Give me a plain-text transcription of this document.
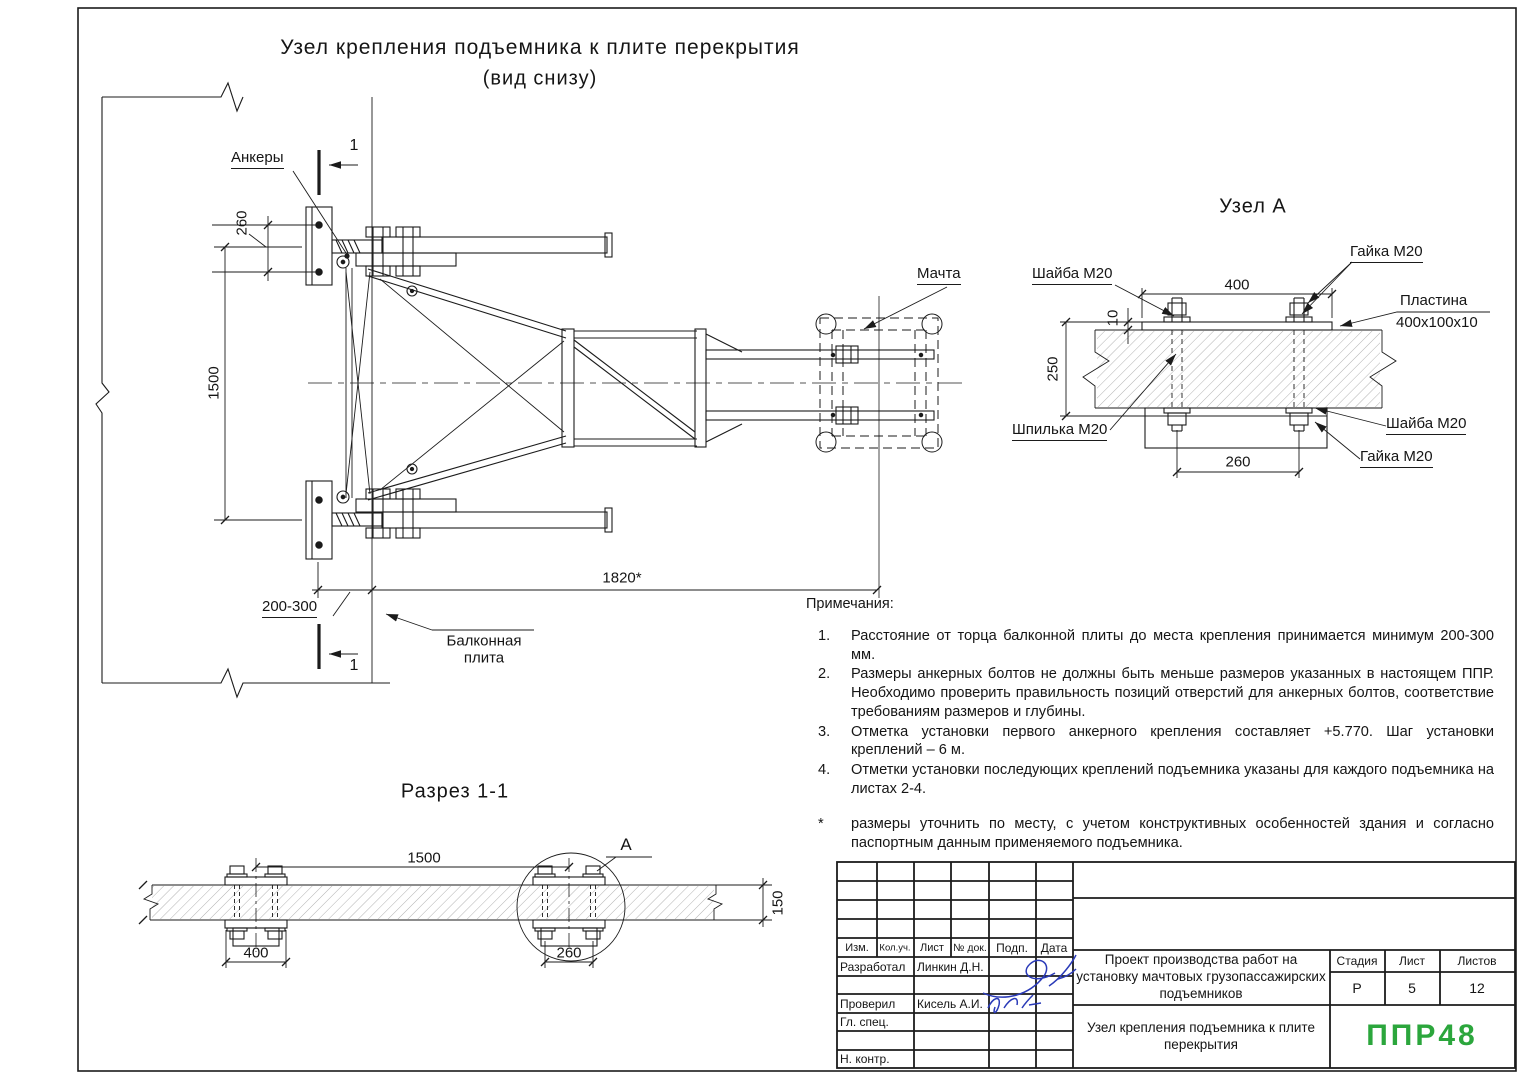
Узел крепления подъемника к плите перекрытия
(вид снизу)
Анкеры
Мачта
Балконная
плита
1
1
260
1500
200-300
1820*
Узел А
Шайба М20
Гайка М20
Пластина
400х100х10
Шпилька М20	Шайба М20
Гайка М20
400
10
250
260
Разрез 1-1
А
1500
400	260
150
Примечания:
1.	Расстояние от торца балконной плиты до места крепления принимается минимум 200-300 мм.
2.	Размеры анкерных болтов не должны быть меньше размеров указанных в настоящем ППР. Необходимо проверить правильность позиций отверстий для анкерных болтов, соответствие требованиям размеров и глубины.
3.	Отметка установки первого анкерного крепления составляет +5.770. Шаг установки креплений – 6 м.
4.	Отметки установки последующих креплений подъемника указаны для каждого подъемника на листах 2-4.
*	размеры уточнить по месту, с учетом конструктивных особенностей здания и согласно паспортным данным применяемого подъемника.
Изм. Кол.уч. Лист № док. Подп. Дата
Разработал Линкин Д.Н.
Проверил Кисель А.И.
Гл. спец.
Н. контр.
Проект производства работ на установку мачтовых грузопассажирских подъемников
Узел крепления подъемника к плите перекрытия
Стадия Лист	Листов
Р	5	12
ППР48
